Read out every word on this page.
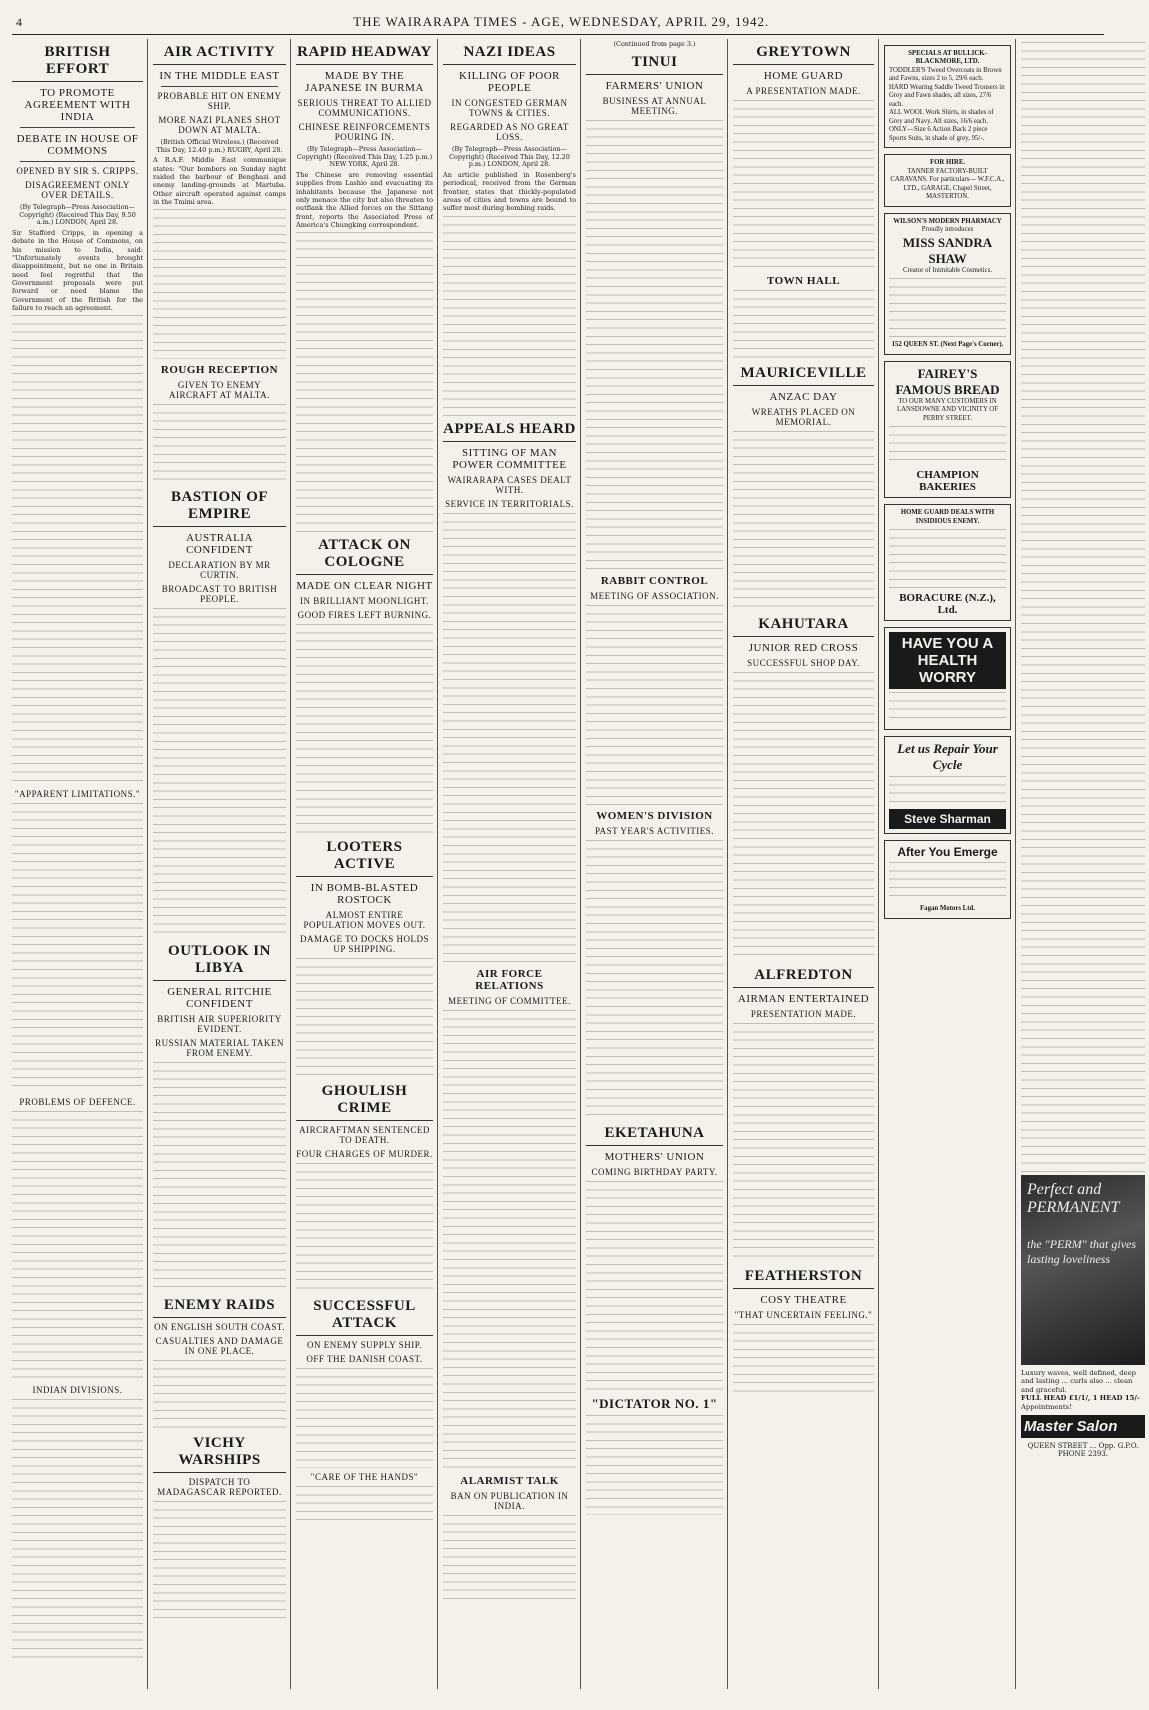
4	THE WAIRARAPA TIMES - AGE, WEDNESDAY, APRIL 29, 1942.
BRITISH EFFORT
TO PROMOTE AGREEMENT WITH INDIA
DEBATE IN HOUSE OF COMMONS
OPENED BY SIR S. CRIPPS.
DISAGREEMENT ONLY OVER DETAILS.
(By Telegraph—Press Association—Copyright) (Received This Day, 9.50 a.m.) LONDON, April 28.

Sir Stafford Cripps, in opening a debate in the House of Commons, on his mission to India, said: "Unfortunately events brought disappointment, but no one in Britain need feel regretful that the Government proposals were put forward or need blame the Government of the British for the failure to reach an agreement.

"APPARENT LIMITATIONS."
PROBLEMS OF DEFENCE.
INDIAN DIVISIONS.
AIR ACTIVITY
IN THE MIDDLE EAST
PROBABLE HIT ON ENEMY SHIP.
MORE NAZI PLANES SHOT DOWN AT MALTA.
(British Official Wireless.) (Received This Day, 12.40 p.m.) RUGBY, April 28.

A R.A.F. Middle East communique states: "Our bombers on Sunday night raided the harbour of Benghazi and enemy landing-grounds at Martuba. Other aircraft operated against camps in the Tmimi area.

ROUGH RECEPTION
GIVEN TO ENEMY AIRCRAFT AT MALTA.
BASTION OF EMPIRE
AUSTRALIA CONFIDENT
DECLARATION BY MR CURTIN.
BROADCAST TO BRITISH PEOPLE.
OUTLOOK IN LIBYA
GENERAL RITCHIE CONFIDENT
BRITISH AIR SUPERIORITY EVIDENT.
RUSSIAN MATERIAL TAKEN FROM ENEMY.
ENEMY RAIDS
ON ENGLISH SOUTH COAST.
CASUALTIES AND DAMAGE IN ONE PLACE.
VICHY WARSHIPS
DISPATCH TO MADAGASCAR REPORTED.
RAPID HEADWAY
MADE BY THE JAPANESE IN BURMA
SERIOUS THREAT TO ALLIED COMMUNICATIONS.
CHINESE REINFORCEMENTS POURING IN.
(By Telegraph—Press Association—Copyright) (Received This Day, 1.25 p.m.) NEW YORK, April 28.

The Chinese are removing essential supplies from Lashio and evacuating its inhabitants because the Japanese not only menace the city but also threaten to outflank the Allied forces on the Sittang front, reports the Associated Press of America's Chungking correspondent.

ATTACK ON COLOGNE
MADE ON CLEAR NIGHT
IN BRILLIANT MOONLIGHT.
GOOD FIRES LEFT BURNING.
LOOTERS ACTIVE
IN BOMB-BLASTED ROSTOCK
ALMOST ENTIRE POPULATION MOVES OUT.
DAMAGE TO DOCKS HOLDS UP SHIPPING.
GHOULISH CRIME
AIRCRAFTMAN SENTENCED TO DEATH.
FOUR CHARGES OF MURDER.
SUCCESSFUL ATTACK
ON ENEMY SUPPLY SHIP.
OFF THE DANISH COAST.
"CARE OF THE HANDS"
NAZI IDEAS
KILLING OF POOR PEOPLE
IN CONGESTED GERMAN TOWNS & CITIES.
REGARDED AS NO GREAT LOSS.
(By Telegraph—Press Association—Copyright) (Received This Day, 12.20 p.m.) LONDON, April 28.

An article published in Rosenberg's periodical, received from the German frontier, states that thickly-populated areas of cities and towns are bound to suffer most during bombing raids.

APPEALS HEARD
SITTING OF MAN POWER COMMITTEE
WAIRARAPA CASES DEALT WITH.
SERVICE IN TERRITORIALS.
AIR FORCE RELATIONS
MEETING OF COMMITTEE.
ALARMIST TALK
BAN ON PUBLICATION IN INDIA.
(Continued from page 3.)
TINUI
FARMERS' UNION
BUSINESS AT ANNUAL MEETING.
RABBIT CONTROL
MEETING OF ASSOCIATION.
WOMEN'S DIVISION
PAST YEAR'S ACTIVITIES.
EKETAHUNA
MOTHERS' UNION
COMING BIRTHDAY PARTY.
"DICTATOR NO. 1"
GREYTOWN
HOME GUARD
A PRESENTATION MADE.
TOWN HALL
MAURICEVILLE
ANZAC DAY
WREATHS PLACED ON MEMORIAL.
KAHUTARA
JUNIOR RED CROSS
SUCCESSFUL SHOP DAY.
ALFREDTON
AIRMAN ENTERTAINED
PRESENTATION MADE.
FEATHERSTON
COSY THEATRE
"THAT UNCERTAIN FEELING."
SPECIALS AT BULLICK-BLACKMORE, LTD.
TODDLER'S Tweed Overcoats in Brown and Fawns, sizes 2 to 5, 29/6 each.
HARD Wearing Saddle Tweed Trousers in Grey and Fawn shades, all sizes, 27/6 each.
ALL WOOL Work Shirts, in shades of Grey and Navy. All sizes, 16/6 each.
ONLY—Size 6 Action Back 2 piece Sports Suits, in shade of grey, 95/-.
FOR HIRE.
TANNER FACTORY-BUILT CARAVANS. For particulars— W.F.C.A., LTD., GARAGE, Chapel Street, MASTERTON.
WILSON'S MODERN PHARMACY
Proudly introduces
MISS SANDRA SHAW
Creator of Inimitable Cosmetics.
152 QUEEN ST. (Next Page's Corner).
FAIREY'S FAMOUS BREAD
TO OUR MANY CUSTOMERS IN LANSDOWNE AND VICINITY OF PERRY STREET.
CHAMPION BAKERIES
HOME GUARD DEALS WITH INSIDIOUS ENEMY.
BORACURE (N.Z.), Ltd.
HAVE YOU A HEALTH WORRY
Let us Repair Your Cycle
Steve Sharman
After You Emerge
Fagan Motors Ltd.
Perfect and PERMANENT
the "PERM" that gives lasting loveliness
Luxury waves, well defined, deep and lasting ... curls also ... clean and graceful.
FULL HEAD £1/1/, 1 HEAD 15/-
Appointments!
Master Salon
QUEEN STREET ... Opp. G.P.O. PHONE 2393.
